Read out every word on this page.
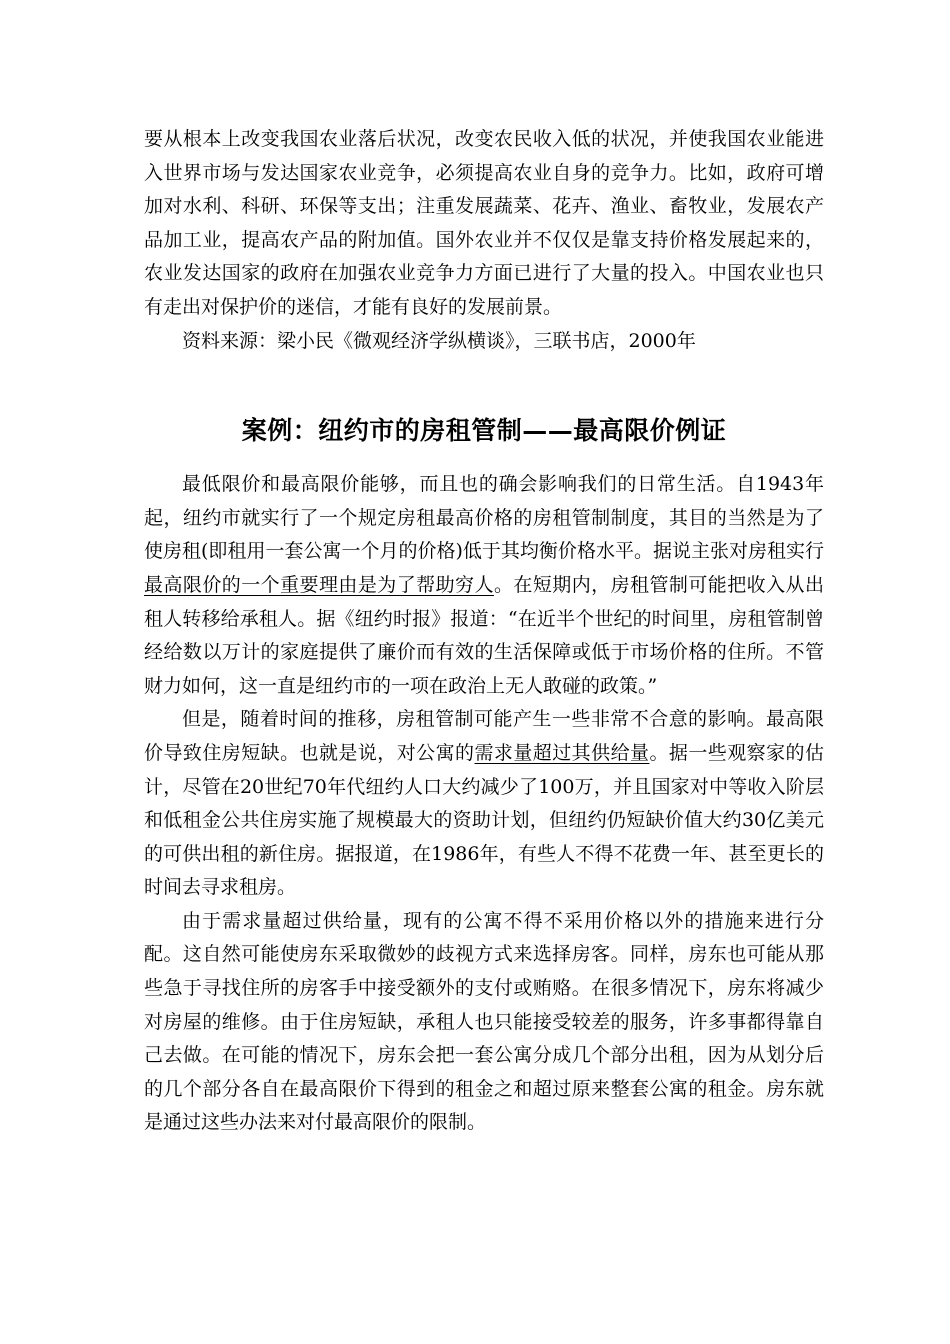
要从根本上改变我国农业落后状况，改变农民收入低的状况，并使我国农业能进入世界市场与发达国家农业竞争，必须提高农业自身的竞争力。比如，政府可增加对水利、科研、环保等支出；注重发展蔬菜、花卉、渔业、畜牧业，发展农产品加工业，提高农产品的附加值。国外农业并不仅仅是靠支持价格发展起来的，农业发达国家的政府在加强农业竞争力方面已进行了大量的投入。中国农业也只有走出对保护价的迷信，才能有良好的发展前景。

资料来源：梁小民《微观经济学纵横谈》，三联书店，2000年

案例：纽约市的房租管制——最高限价例证

最低限价和最高限价能够，而且也的确会影响我们的日常生活。自1943年起，纽约市就实行了一个规定房租最高价格的房租管制制度，其目的当然是为了使房租(即租用一套公寓一个月的价格)低于其均衡价格水平。据说主张对房租实行最高限价的一个重要理由是为了帮助穷人。在短期内，房租管制可能把收入从出租人转移给承租人。据《纽约时报》报道：“在近半个世纪的时间里，房租管制曾经给数以万计的家庭提供了廉价而有效的生活保障或低于市场价格的住所。不管财力如何，这一直是纽约市的一项在政治上无人敢碰的政策。”

但是，随着时间的推移，房租管制可能产生一些非常不合意的影响。最高限价导致住房短缺。也就是说，对公寓的需求量超过其供给量。据一些观察家的估计，尽管在20世纪70年代纽约人口大约减少了100万，并且国家对中等收入阶层和低租金公共住房实施了规模最大的资助计划，但纽约仍短缺价值大约30亿美元的可供出租的新住房。据报道，在1986年，有些人不得不花费一年、甚至更长的时间去寻求租房。

由于需求量超过供给量，现有的公寓不得不采用价格以外的措施来进行分配。这自然可能使房东采取微妙的歧视方式来选择房客。同样，房东也可能从那些急于寻找住所的房客手中接受额外的支付或贿赂。在很多情况下，房东将减少对房屋的维修。由于住房短缺，承租人也只能接受较差的服务，许多事都得靠自己去做。在可能的情况下，房东会把一套公寓分成几个部分出租，因为从划分后的几个部分各自在最高限价下得到的租金之和超过原来整套公寓的租金。房东就是通过这些办法来对付最高限价的限制。
